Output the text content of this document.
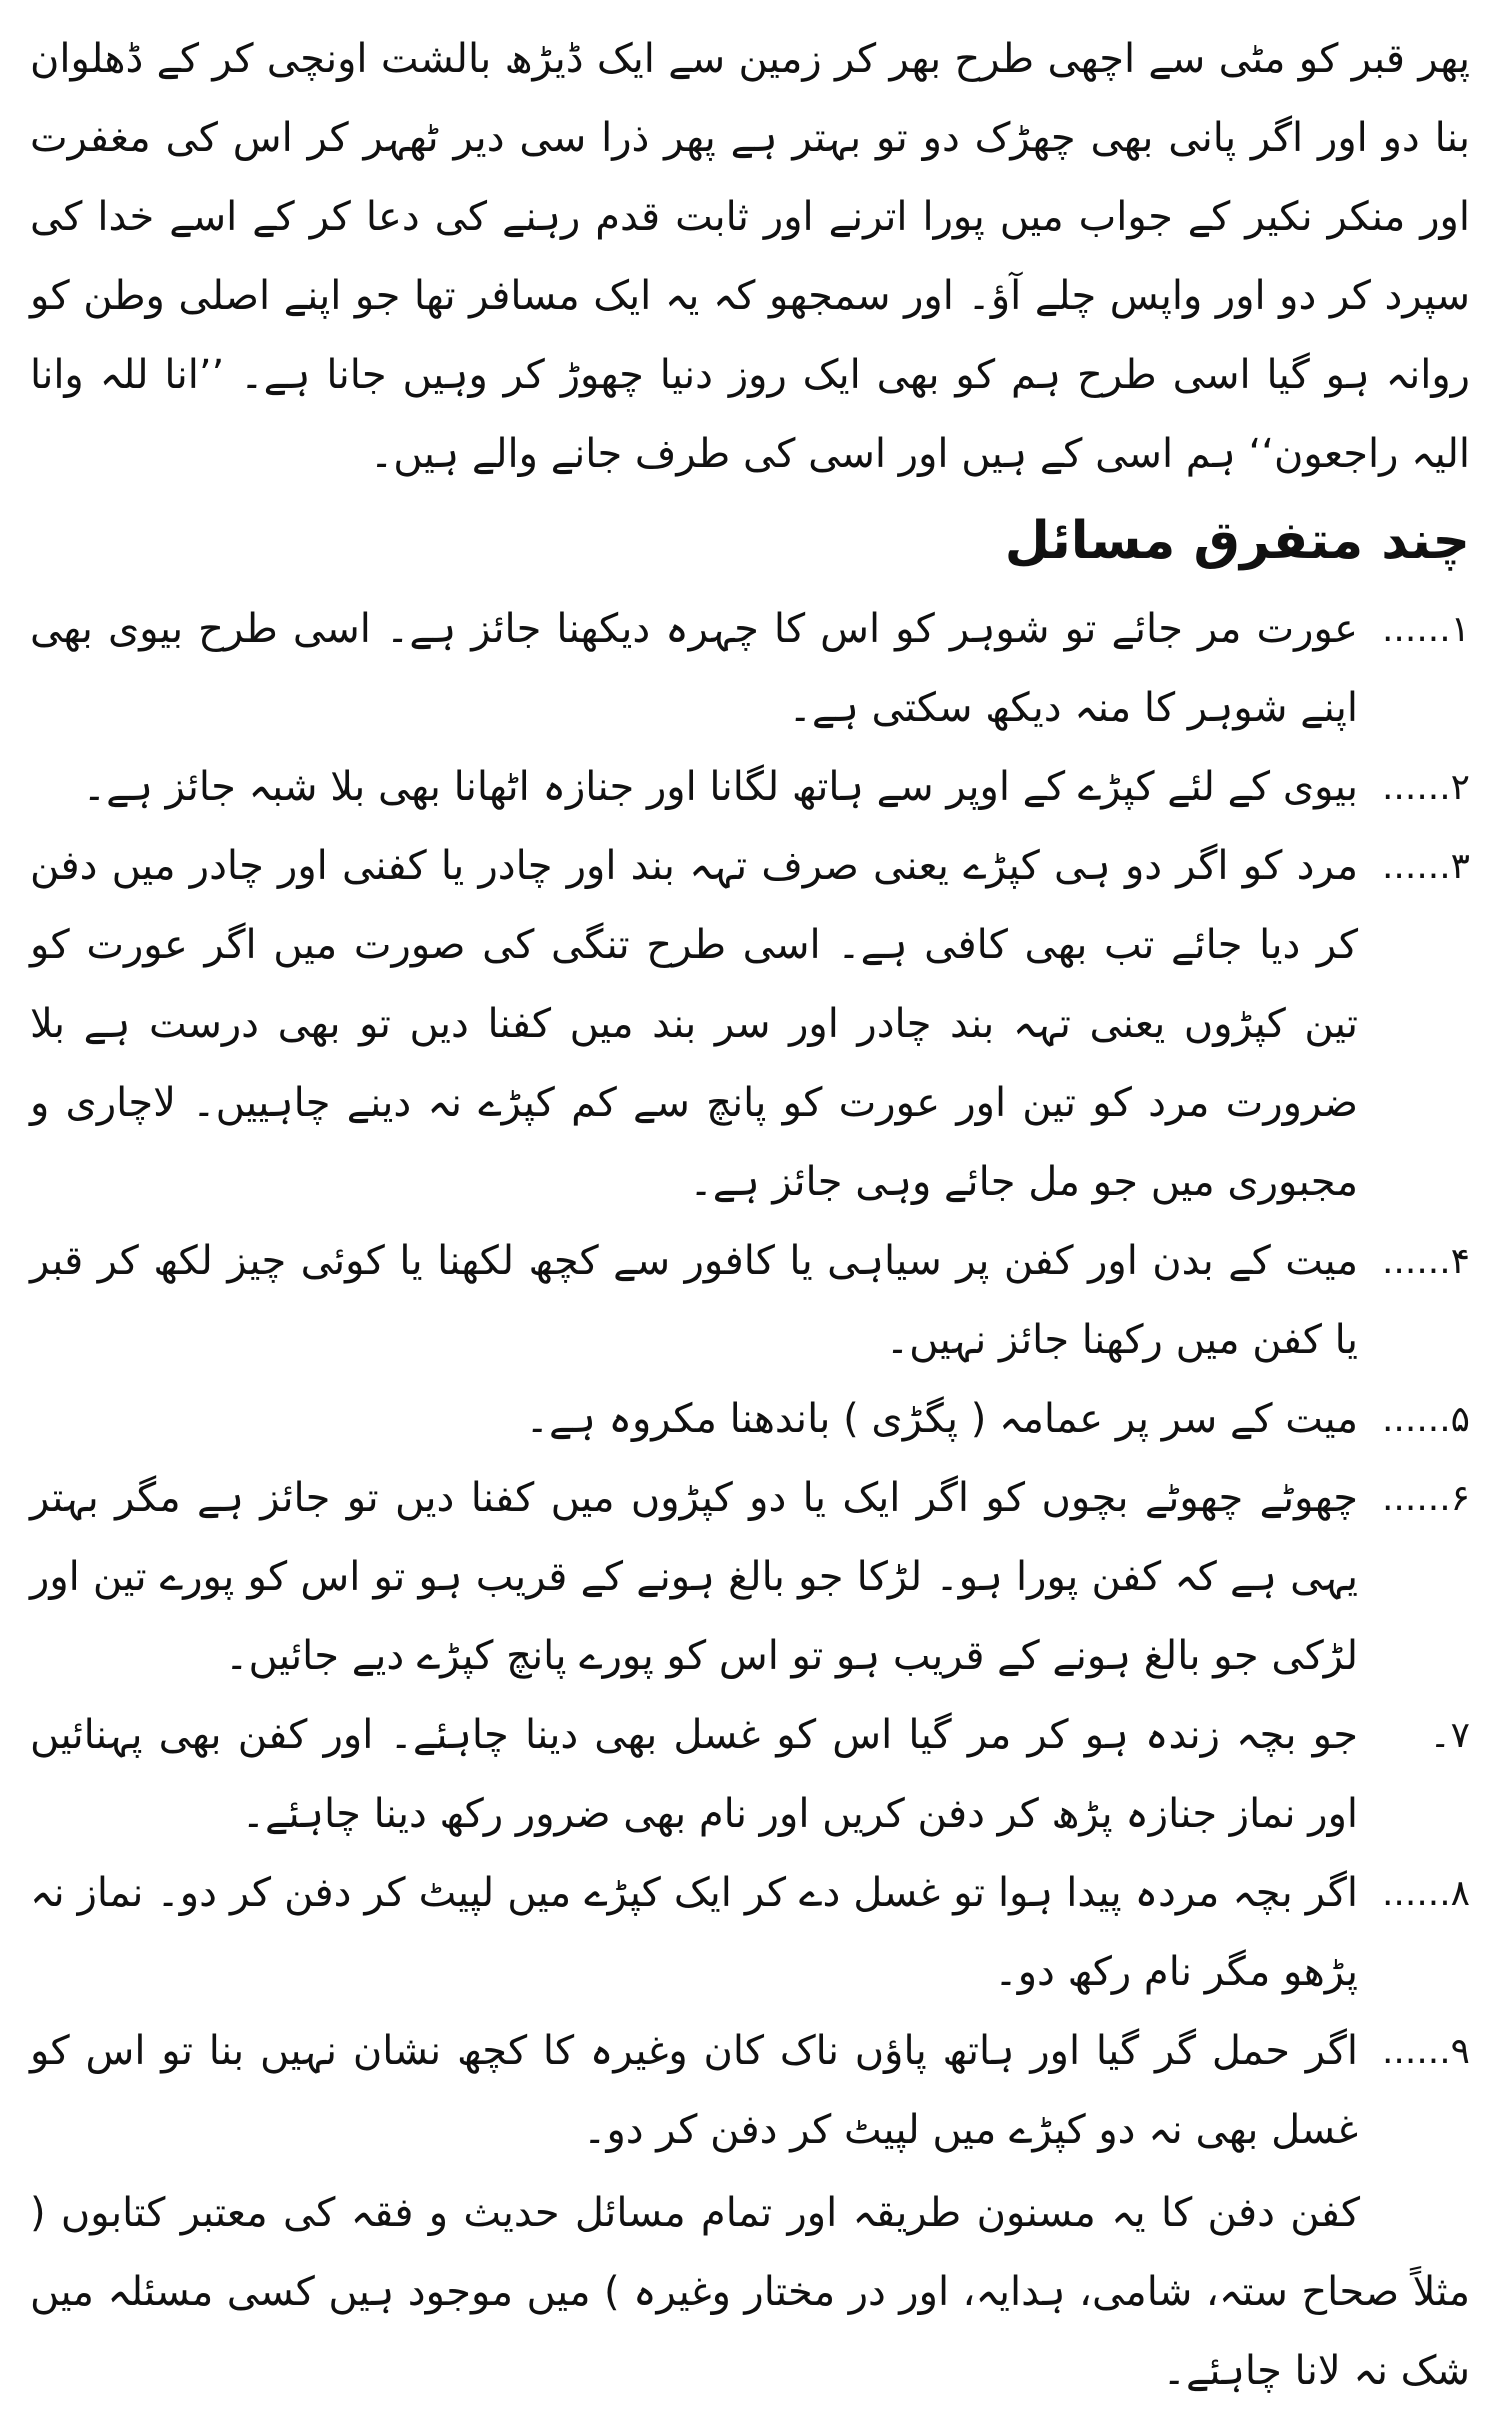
پھر قبر کو مٹی سے اچھی طرح بھر کر زمین سے ایک ڈیڑھ بالشت اونچی کر کے ڈھلوان بنا دو اور اگر پانی بھی چھڑک دو تو بہتر ہے پھر ذرا سی دیر ٹھہر کر اس کی مغفرت اور منکر نکیر کے جواب میں پورا اترنے اور ثابت قدم رہنے کی دعا کر کے اسے خدا کی سپرد کر دو اور واپس چلے آؤ۔ اور سمجھو کہ یہ ایک مسافر تھا جو اپنے اصلی وطن کو روانہ ہو گیا اسی طرح ہم کو بھی ایک روز دنیا چھوڑ کر وہیں جانا ہے۔ ’’انا للہ وانا الیہ راجعون‘‘ ہم اسی کے ہیں اور اسی کی طرف جانے والے ہیں۔

چند متفرق مسائل
۱......

عورت مر جائے تو شوہر کو اس کا چہرہ دیکھنا جائز ہے۔ اسی طرح بیوی بھی اپنے شوہر کا منہ دیکھ سکتی ہے۔

۲......

بیوی کے لئے کپڑے کے اوپر سے ہاتھ لگانا اور جنازہ اٹھانا بھی بلا شبہ جائز ہے۔

۳......

مرد کو اگر دو ہی کپڑے یعنی صرف تہہ بند اور چادر یا کفنی اور چادر میں دفن کر دیا جائے تب بھی کافی ہے۔ اسی طرح تنگی کی صورت میں اگر عورت کو تین کپڑوں یعنی تہہ بند چادر اور سر بند میں کفنا دیں تو بھی درست ہے بلا ضرورت مرد کو تین اور عورت کو پانچ سے کم کپڑے نہ دینے چاہییں۔ لاچاری و مجبوری میں جو مل جائے وہی جائز ہے۔

۴......

میت کے بدن اور کفن پر سیاہی یا کافور سے کچھ لکھنا یا کوئی چیز لکھ کر قبر یا کفن میں رکھنا جائز نہیں۔

۵......

میت کے سر پر عمامہ ( پگڑی ) باندھنا مکروہ ہے۔

۶......

چھوٹے چھوٹے بچوں کو اگر ایک یا دو کپڑوں میں کفنا دیں تو جائز ہے مگر بہتر یہی ہے کہ کفن پورا ہو۔ لڑکا جو بالغ ہونے کے قریب ہو تو اس کو پورے تین اور لڑکی جو بالغ ہونے کے قریب ہو تو اس کو پورے پانچ کپڑے دیے جائیں۔

۷۔

جو بچہ زندہ ہو کر مر گیا اس کو غسل بھی دینا چاہئے۔ اور کفن بھی پہنائیں اور نماز جنازہ پڑھ کر دفن کریں اور نام بھی ضرور رکھ دینا چاہئے۔

۸......

اگر بچہ مردہ پیدا ہوا تو غسل دے کر ایک کپڑے میں لپیٹ کر دفن کر دو۔ نماز نہ پڑھو مگر نام رکھ دو۔

۹......

اگر حمل گر گیا اور ہاتھ پاؤں ناک کان وغیرہ کا کچھ نشان نہیں بنا تو اس کو غسل بھی نہ دو کپڑے میں لپیٹ کر دفن کر دو۔

کفن دفن کا یہ مسنون طریقہ اور تمام مسائل حدیث و فقہ کی معتبر کتابوں ( مثلاً صحاح ستہ، شامی، ہدایہ، اور در مختار وغیرہ ) میں موجود ہیں کسی مسئلہ میں شک نہ لانا چاہئے۔
